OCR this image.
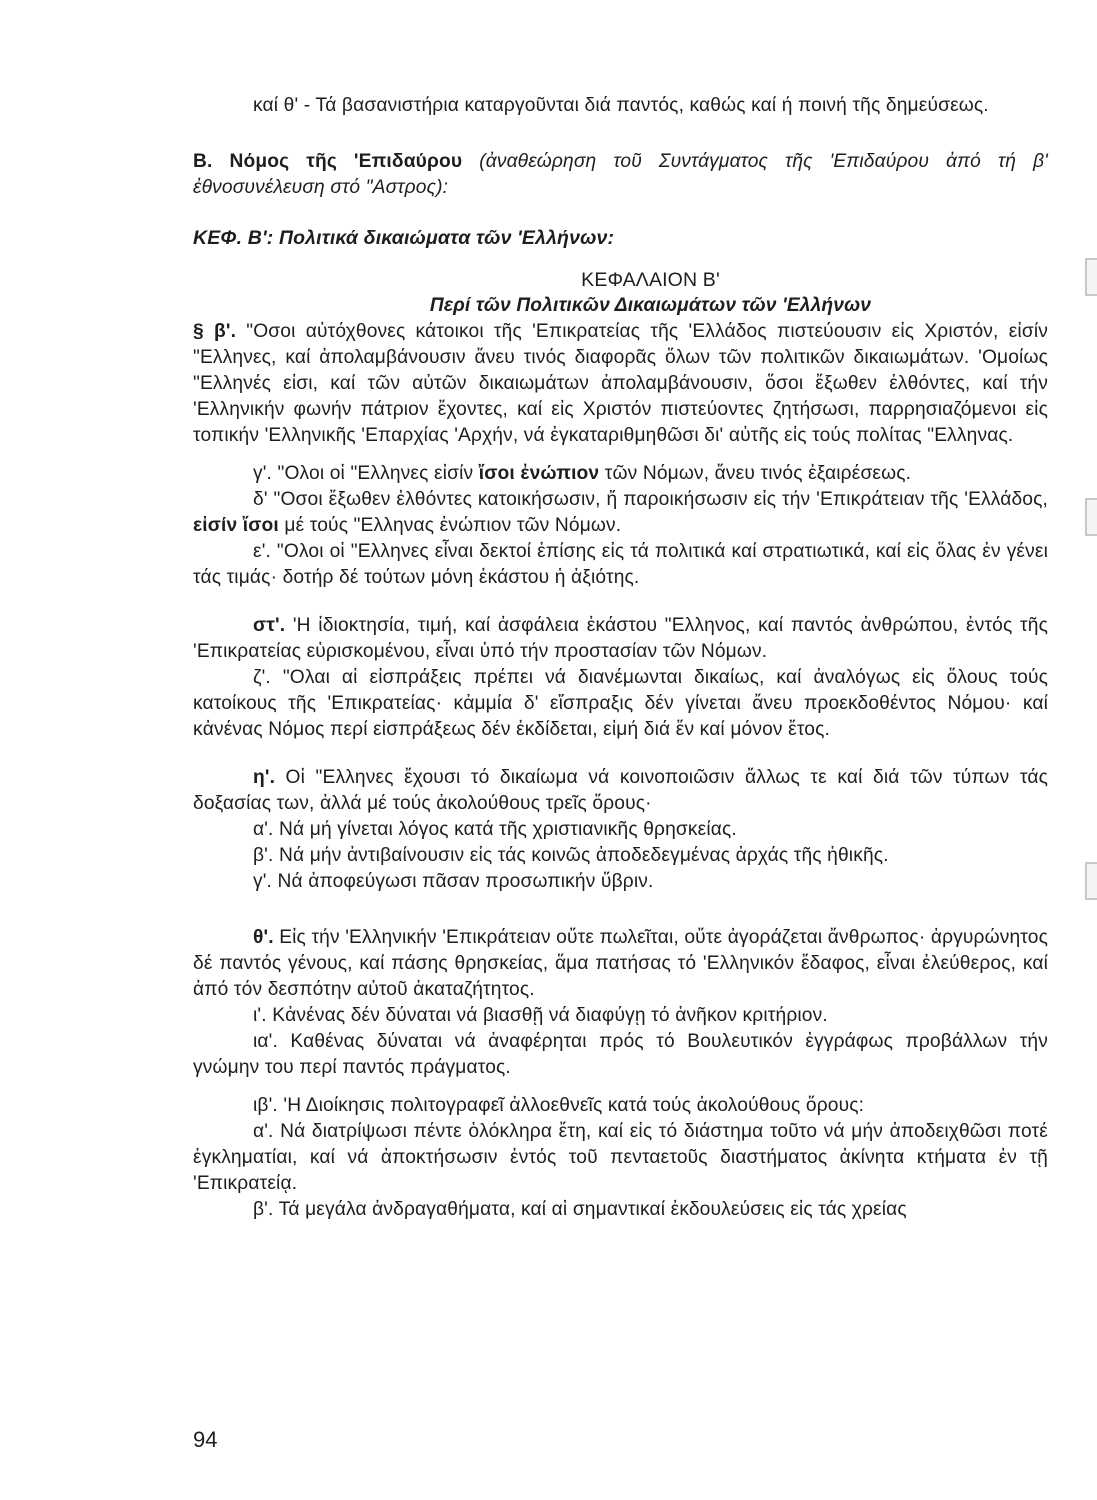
καί θ' - Τά βασανιστήρια καταργοῦνται διά παντός, καθώς καί ή ποινή τῆς δημεύσεως.

Β. Νόμος τῆς 'Επιδαύρου (ἀναθεώρηση τοῦ Συντάγματος τῆς 'Επιδαύρου ἀπό τή β' ἐθνοσυνέλευση στό "Αστρος):

ΚΕΦ. Β': Πολιτικά δικαιώματα τῶν 'Ελλήνων:

ΚΕΦΑΛΑΙΟΝ Β'

Περί τῶν Πολιτικῶν Δικαιωμάτων τῶν 'Ελλήνων

§ β'. "Οσοι αὐτόχθονες κάτοικοι τῆς 'Επικρατείας τῆς 'Ελλάδος πιστεύουσιν εἰς Χριστόν, εἰσίν "Ελληνες, καί ἀπολαμβάνουσιν ἄνευ τινός διαφορᾶς ὅλων τῶν πολιτικῶν δικαιωμάτων. 'Ομοίως "Ελληνές εἰσι, καί τῶν αὐτῶν δικαιωμάτων ἀπολαμβάνουσιν, ὅσοι ἔξωθεν ἐλθόντες, καί τήν 'Ελληνικήν φωνήν πάτριον ἔχοντες, καί εἰς Χριστόν πιστεύοντες ζητήσωσι, παρρησιαζόμενοι εἰς τοπικήν 'Ελληνικῆς 'Επαρχίας 'Αρχήν, νά ἐγκαταριθμηθῶσι δι' αὐτῆς εἰς τούς πολίτας "Ελληνας.

γ'. "Ολοι οἱ "Ελληνες εἰσίν ἴσοι ἐνώπιον τῶν Νόμων, ἄνευ τινός ἐξαιρέσεως.

δ' "Οσοι ἔξωθεν ἐλθόντες κατοικήσωσιν, ἤ παροικήσωσιν εἰς τήν 'Επικράτειαν τῆς 'Ελλάδος, εἰσίν ἴσοι μέ τούς "Ελληνας ἐνώπιον τῶν Νόμων.

ε'. "Ολοι οἱ "Ελληνες εἶναι δεκτοί ἐπίσης εἰς τά πολιτικά καί στρατιωτικά, καί εἰς ὅλας ἐν γένει τάς τιμάς· δοτήρ δέ τούτων μόνη ἑκάστου ἡ ἀξιότης.

στ'. 'Η ἰδιοκτησία, τιμή, καί ἀσφάλεια ἑκάστου "Ελληνος, καί παντός ἀνθρώπου, ἐντός τῆς 'Επικρατείας εὑρισκομένου, εἶναι ὑπό τήν προστασίαν τῶν Νόμων.

ζ'. "Ολαι αἱ εἰσπράξεις πρέπει νά διανέμωνται δικαίως, καί ἀναλόγως εἰς ὅλους τούς κατοίκους τῆς 'Επικρατείας· κἀμμία δ' εἴσπραξις δέν γίνεται ἄνευ προεκδοθέντος Νόμου· καί κἀνένας Νόμος περί εἰσπράξεως δέν ἐκδίδεται, εἰμή διά ἕν καί μόνον ἔτος.

η'. Οἱ "Ελληνες ἔχουσι τό δικαίωμα νά κοινοποιῶσιν ἄλλως τε καί διά τῶν τύπων τάς δοξασίας των, ἀλλά μέ τούς ἀκολούθους τρεῖς ὅρους·

α'. Νά μή γίνεται λόγος κατά τῆς χριστιανικῆς θρησκείας.

β'. Νά μήν ἀντιβαίνουσιν εἰς τάς κοινῶς ἀποδεδεγμένας ἀρχάς τῆς ἠθικῆς.

γ'. Νά ἀποφεύγωσι πᾶσαν προσωπικήν ὕβριν.

θ'. Εἰς τήν 'Ελληνικήν 'Επικράτειαν οὔτε πωλεῖται, οὔτε ἀγοράζεται ἄνθρωπος· ἀργυρώνητος δέ παντός γένους, καί πάσης θρησκείας, ἅμα πατήσας τό 'Ελληνικόν ἔδαφος, εἶναι ἐλεύθερος, καί ἀπό τόν δεσπότην αὐτοῦ ἀκαταζήτητος.

ι'. Κἀνένας δέν δύναται νά βιασθῇ νά διαφύγῃ τό ἀνῆκον κριτήριον.

ια'. Καθένας δύναται νά ἀναφέρηται πρός τό Βουλευτικόν ἐγγράφως προβάλλων τήν γνώμην του περί παντός πράγματος.

ιβ'. 'Η Διοίκησις πολιτογραφεῖ ἀλλοεθνεῖς κατά τούς ἀκολούθους ὅρους:

α'. Νά διατρίψωσι πέντε ὁλόκληρα ἔτη, καί εἰς τό διάστημα τοῦτο νά μήν ἀποδειχθῶσι ποτέ ἐγκληματίαι, καί νά ἀποκτήσωσιν ἐντός τοῦ πενταετοῦς διαστήματος ἀκίνητα κτήματα ἐν τῇ 'Επικρατείᾳ.

β'. Τά μεγάλα ἀνδραγαθήματα, καί αἱ σημαντικαί ἐκδουλεύσεις εἰς τάς χρείας

94
